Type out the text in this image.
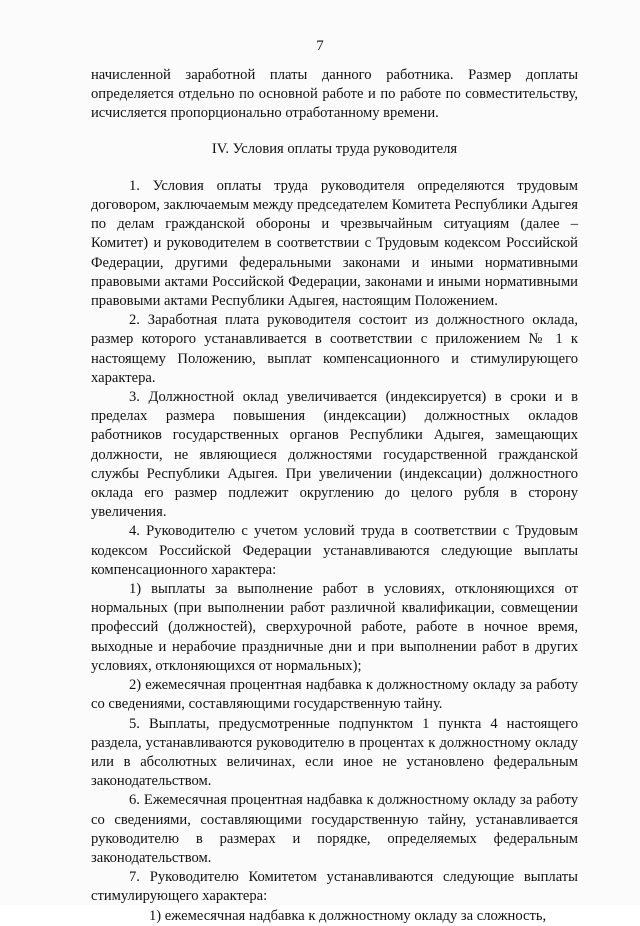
7

начисленной заработной платы данного работника. Размер доплаты определяется отдельно по основной работе и по работе по совместительству, исчисляется пропорционально отработанному времени.

IV. Условия оплаты труда руководителя

1. Условия оплаты труда руководителя определяются трудовым договором, заключаемым между председателем Комитета Республики Адыгея по делам гражданской обороны и чрезвычайным ситуациям (далее – Комитет) и руководителем в соответствии с Трудовым кодексом Российской Федерации, другими федеральными законами и иными нормативными правовыми актами Российской Федерации, законами и иными нормативными правовыми актами Республики Адыгея, настоящим Положением.

2. Заработная плата руководителя состоит из должностного оклада, размер которого устанавливается в соответствии с приложением № 1 к настоящему Положению, выплат компенсационного и стимулирующего характера.

3. Должностной оклад увеличивается (индексируется) в сроки и в пределах размера повышения (индексации) должностных окладов работников государственных органов Республики Адыгея, замещающих должности, не являющиеся должностями государственной гражданской службы Республики Адыгея. При увеличении (индексации) должностного оклада его размер подлежит округлению до целого рубля в сторону увеличения.

4. Руководителю с учетом условий труда в соответствии с Трудовым кодексом Российской Федерации устанавливаются следующие выплаты компенсационного характера:

1) выплаты за выполнение работ в условиях, отклоняющихся от нормальных (при выполнении работ различной квалификации, совмещении профессий (должностей), сверхурочной работе, работе в ночное время, выходные и нерабочие праздничные дни и при выполнении работ в других условиях, отклоняющихся от нормальных);

2) ежемесячная процентная надбавка к должностному окладу за работу со сведениями, составляющими государственную тайну.

5. Выплаты, предусмотренные подпунктом 1 пункта 4 настоящего раздела, устанавливаются руководителю в процентах к должностному окладу или в абсолютных величинах, если иное не установлено федеральным законодательством.

6. Ежемесячная процентная надбавка к должностному окладу за работу со сведениями, составляющими государственную тайну, устанавливается руководителю в размерах и порядке, определяемых федеральным законодательством.

7. Руководителю Комитетом устанавливаются следующие выплаты стимулирующего характера:

1) ежемесячная надбавка к должностному окладу за сложность,
